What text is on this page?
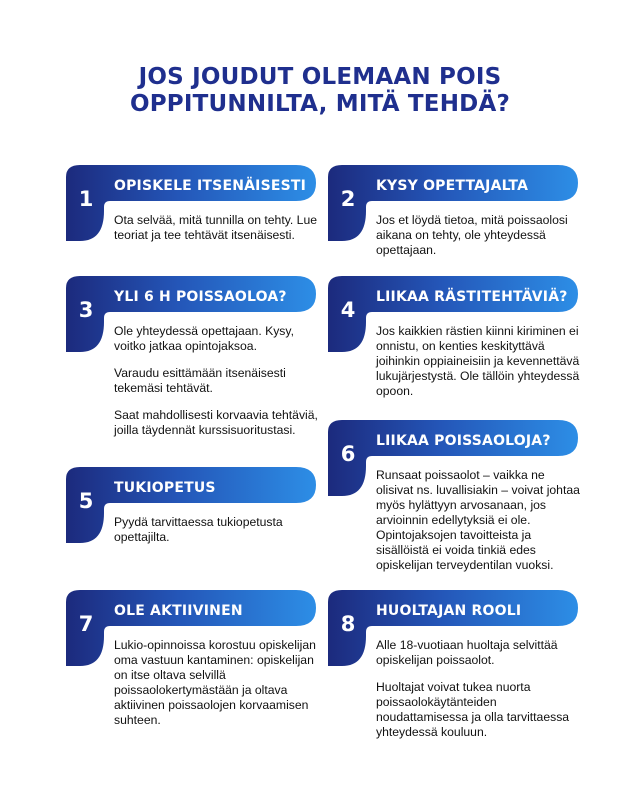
JOS JOUDUT OLEMAAN POIS
OPPITUNNILTA, MITÄ TEHDÄ?
1
OPISKELE ITSENÄISESTI

Ota selvää, mitä tunnilla on tehty. Lue teoriat ja tee tehtävät itsenäisesti.

2
KYSY OPETTAJALTA

Jos et löydä tietoa, mitä poissaolosi aikana on tehty, ole yhteydessä opettajaan.

3
YLI 6 H POISSAOLOA?

Ole yhteydessä opettajaan. Kysy, voitko jatkaa opintojaksoa.

Varaudu esittämään itsenäisesti tekemäsi tehtävät.

Saat mahdollisesti korvaavia tehtäviä, joilla täydennät kurssisuoritustasi.

4
LIIKAA RÄSTITEHTÄVIÄ?

Jos kaikkien rästien kiinni kiriminen ei onnistu, on kenties keskityttävä joihinkin oppiaineisiin ja kevennettävä lukujärjestystä. Ole tällöin yhteydessä opoon.

5
TUKIOPETUS

Pyydä tarvittaessa tukiopetusta opettajilta.

6
LIIKAA POISSAOLOJA?

Runsaat poissaolot – vaikka ne olisivat ns. luvallisiakin – voivat johtaa myös hylättyyn arvosanaan, jos arvioinnin edellytyksiä ei ole. Opintojaksojen tavoitteista ja sisällöistä ei voida tinkiä edes opiskelijan terveydentilan vuoksi.

7
OLE AKTIIVINEN

Lukio-opinnoissa korostuu opiskelijan oma vastuun kantaminen: opiskelijan on itse oltava selvillä poissaolokertymästään ja oltava aktiivinen poissaolojen korvaamisen suhteen.

8
HUOLTAJAN ROOLI

Alle 18-vuotiaan huoltaja selvittää opiskelijan poissaolot.

Huoltajat voivat tukea nuorta poissaolokäytänteiden noudattamisessa ja olla tarvittaessa yhteydessä kouluun.
